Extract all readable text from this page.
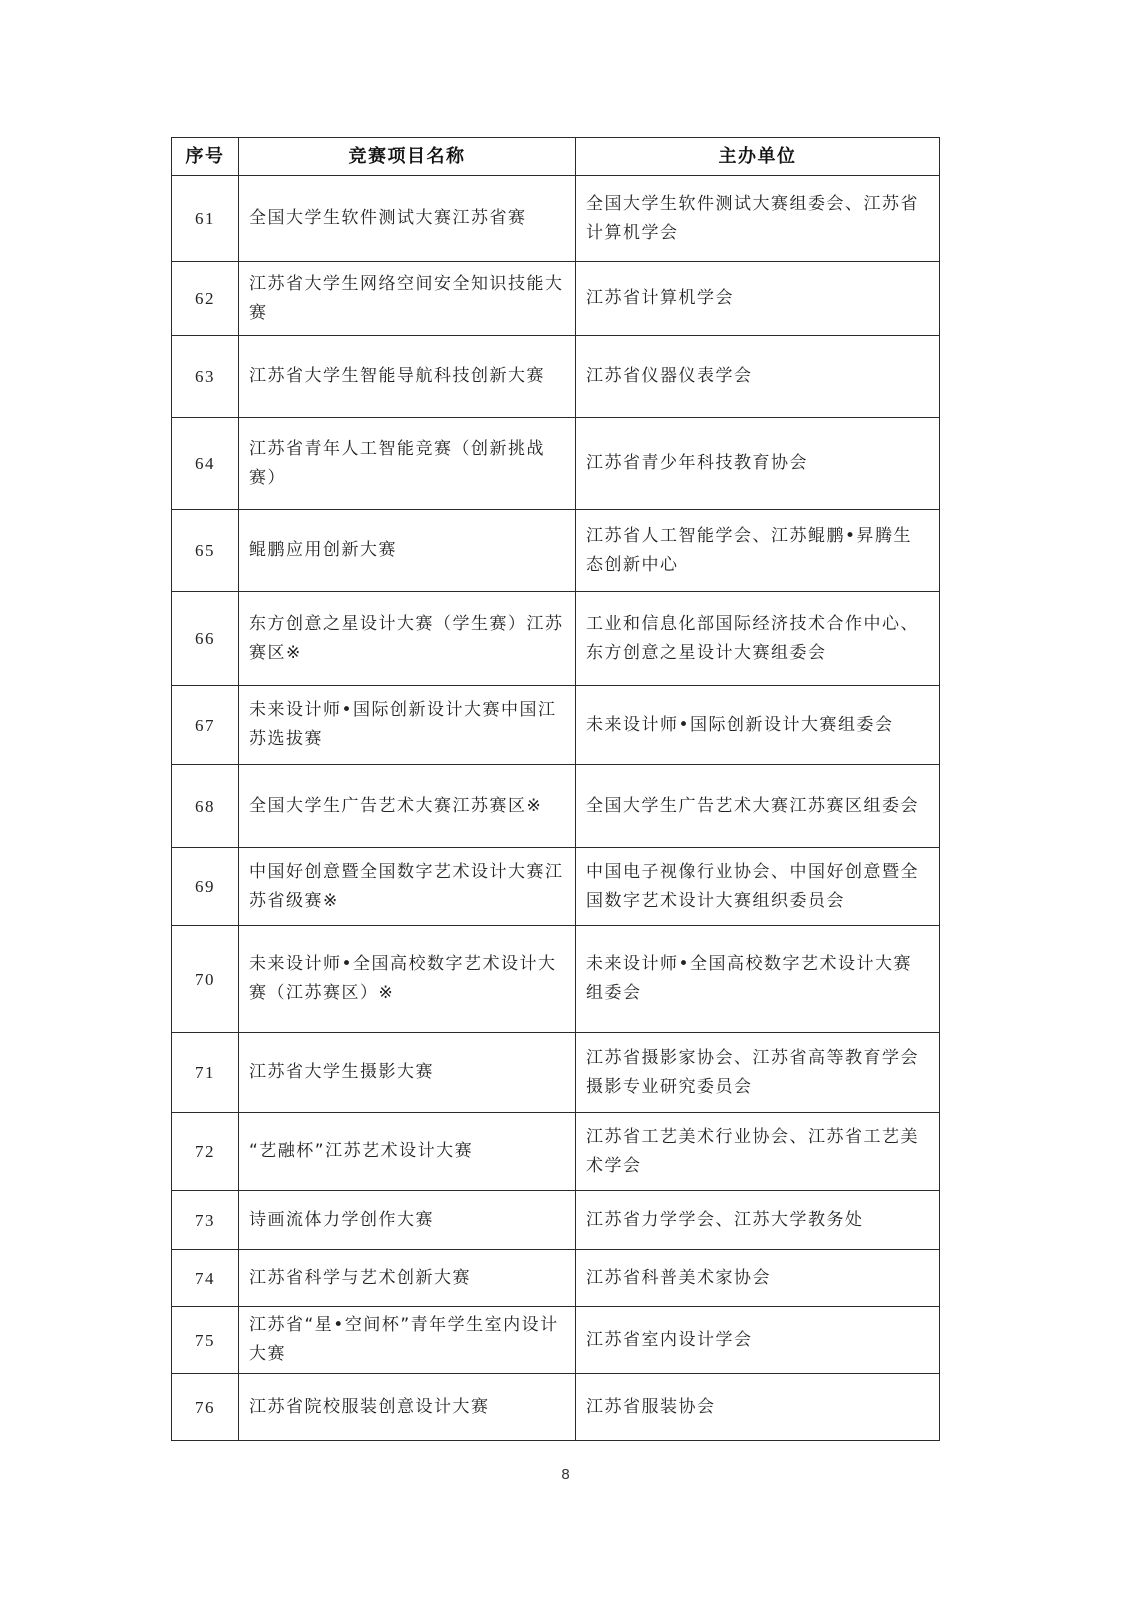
序号	竞赛项目名称	主办单位
61	全国大学生软件测试大赛江苏省赛	全国大学生软件测试大赛组委会、江苏省计算机学会
62	江苏省大学生网络空间安全知识技能大赛	江苏省计算机学会
63	江苏省大学生智能导航科技创新大赛	江苏省仪器仪表学会
64	江苏省青年人工智能竞赛（创新挑战赛）	江苏省青少年科技教育协会
65	鲲鹏应用创新大赛	江苏省人工智能学会、江苏鲲鹏•昇腾生态创新中心
66	东方创意之星设计大赛（学生赛）江苏赛区※	工业和信息化部国际经济技术合作中心、东方创意之星设计大赛组委会
67	未来设计师•国际创新设计大赛中国江苏选拔赛	未来设计师•国际创新设计大赛组委会
68	全国大学生广告艺术大赛江苏赛区※	全国大学生广告艺术大赛江苏赛区组委会
69	中国好创意暨全国数字艺术设计大赛江苏省级赛※	中国电子视像行业协会、中国好创意暨全国数字艺术设计大赛组织委员会
70	未来设计师•全国高校数字艺术设计大赛（江苏赛区）※	未来设计师•全国高校数字艺术设计大赛组委会
71	江苏省大学生摄影大赛	江苏省摄影家协会、江苏省高等教育学会摄影专业研究委员会
72	“艺融杯”江苏艺术设计大赛	江苏省工艺美术行业协会、江苏省工艺美术学会
73	诗画流体力学创作大赛	江苏省力学学会、江苏大学教务处
74	江苏省科学与艺术创新大赛	江苏省科普美术家协会
75	江苏省“星•空间杯”青年学生室内设计大赛	江苏省室内设计学会
76	江苏省院校服装创意设计大赛	江苏省服装协会
8
